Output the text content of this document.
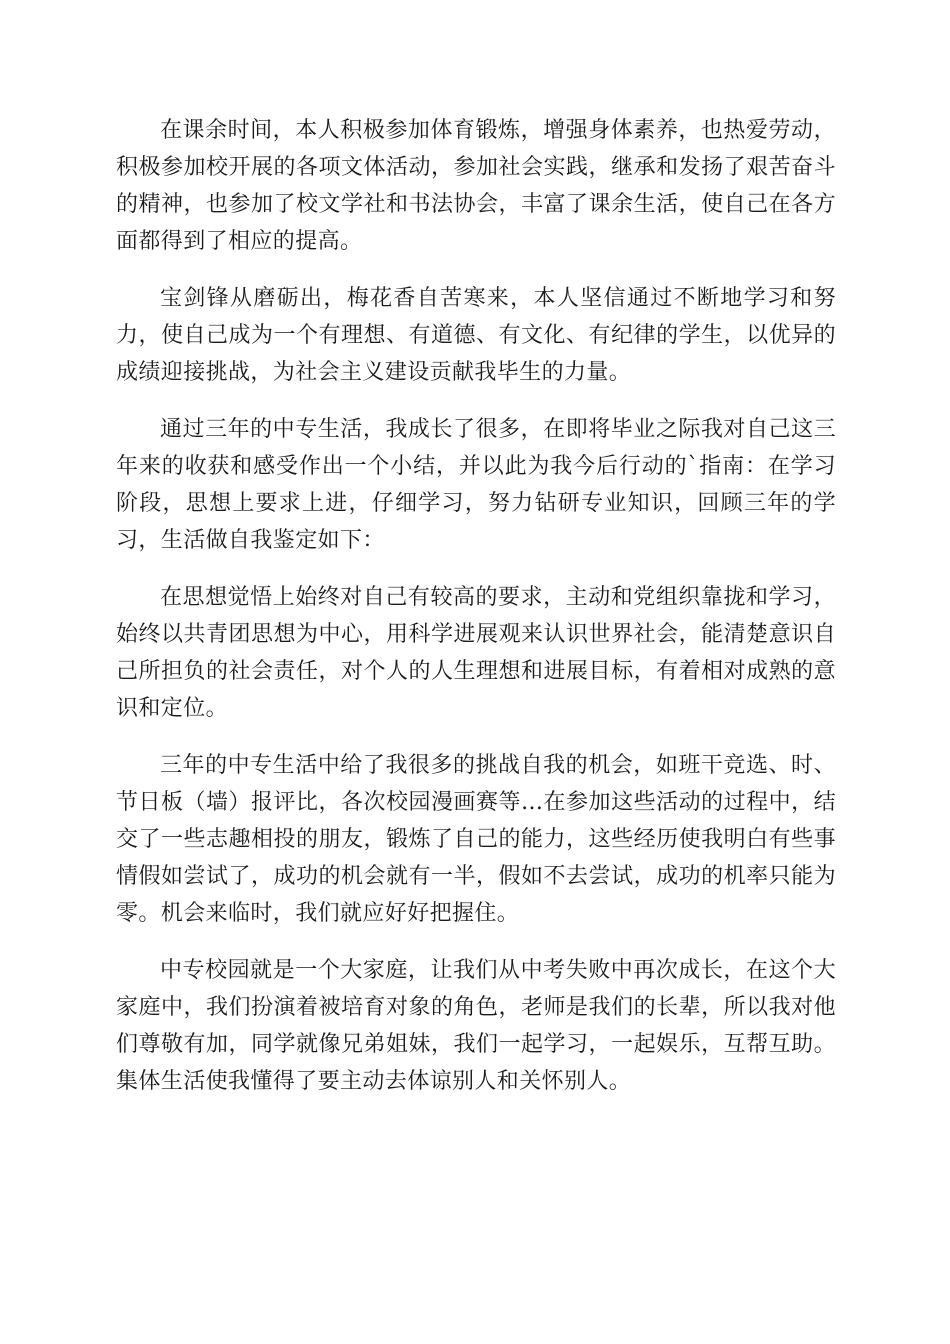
在课余时间，本人积极参加体育锻炼，增强身体素养，也热爱劳动，积极参加校开展的各项文体活动，参加社会实践，继承和发扬了艰苦奋斗的精神，也参加了校文学社和书法协会，丰富了课余生活，使自己在各方面都得到了相应的提高。

宝剑锋从磨砺出，梅花香自苦寒来，本人坚信通过不断地学习和努力，使自己成为一个有理想、有道德、有文化、有纪律的学生，以优异的成绩迎接挑战，为社会主义建设贡献我毕生的力量。

通过三年的中专生活，我成长了很多，在即将毕业之际我对自己这三年来的收获和感受作出一个小结，并以此为我今后行动的`指南：在学习阶段，思想上要求上进，仔细学习，努力钻研专业知识，回顾三年的学习，生活做自我鉴定如下：

在思想觉悟上始终对自己有较高的要求，主动和党组织靠拢和学习，始终以共青团思想为中心，用科学进展观来认识世界社会，能清楚意识自己所担负的社会责任，对个人的人生理想和进展目标，有着相对成熟的意识和定位。

三年的中专生活中给了我很多的挑战自我的机会，如班干竞选、时、节日板（墙）报评比，各次校园漫画赛等…在参加这些活动的过程中，结交了一些志趣相投的朋友，锻炼了自己的能力，这些经历使我明白有些事情假如尝试了，成功的机会就有一半，假如不去尝试，成功的机率只能为零。机会来临时，我们就应好好把握住。

中专校园就是一个大家庭，让我们从中考失败中再次成长，在这个大家庭中，我们扮演着被培育对象的角色，老师是我们的长辈，所以我对他们尊敬有加，同学就像兄弟姐妹，我们一起学习，一起娱乐，互帮互助。集体生活使我懂得了要主动去体谅别人和关怀别人。
